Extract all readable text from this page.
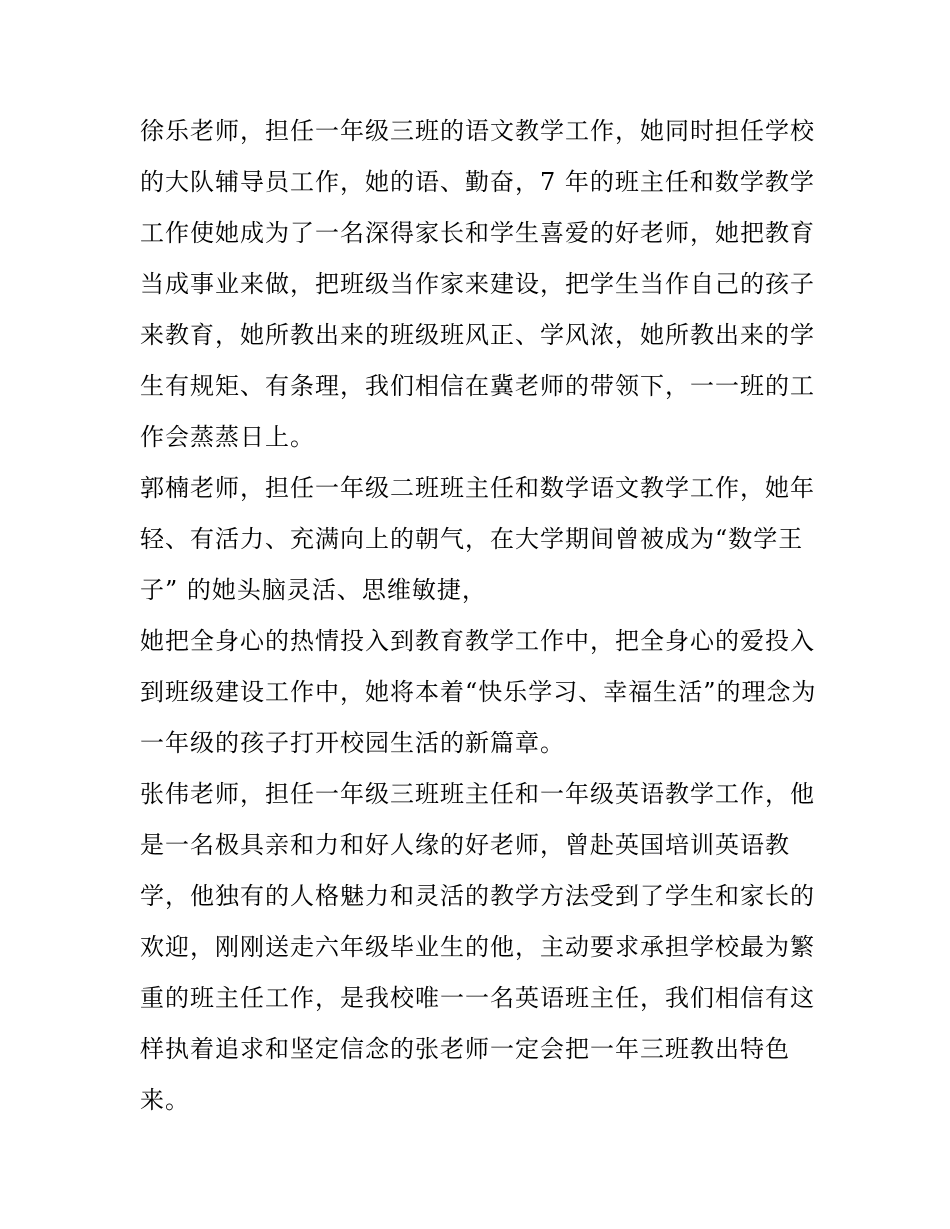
徐乐老师，担任一年级三班的语文教学工作，她同时担任学校
的大队辅导员工作，她的语、勤奋，7 年的班主任和数学教学
工作使她成为了一名深得家长和学生喜爱的好老师，她把教育
当成事业来做，把班级当作家来建设，把学生当作自己的孩子
来教育，她所教出来的班级班风正、学风浓，她所教出来的学
生有规矩、有条理，我们相信在冀老师的带领下，一一班的工
作会蒸蒸日上。
郭楠老师，担任一年级二班班主任和数学语文教学工作，她年
轻、有活力、充满向上的朝气，在大学期间曾被成为“数学王
子” 的她头脑灵活、思维敏捷，
她把全身心的热情投入到教育教学工作中，把全身心的爱投入
到班级建设工作中，她将本着“快乐学习、幸福生活”的理念为
一年级的孩子打开校园生活的新篇章。
张伟老师，担任一年级三班班主任和一年级英语教学工作，他
是一名极具亲和力和好人缘的好老师，曾赴英国培训英语教
学，他独有的人格魅力和灵活的教学方法受到了学生和家长的
欢迎，刚刚送走六年级毕业生的他，主动要求承担学校最为繁
重的班主任工作，是我校唯一一名英语班主任，我们相信有这
样执着追求和坚定信念的张老师一定会把一年三班教出特色
来。
